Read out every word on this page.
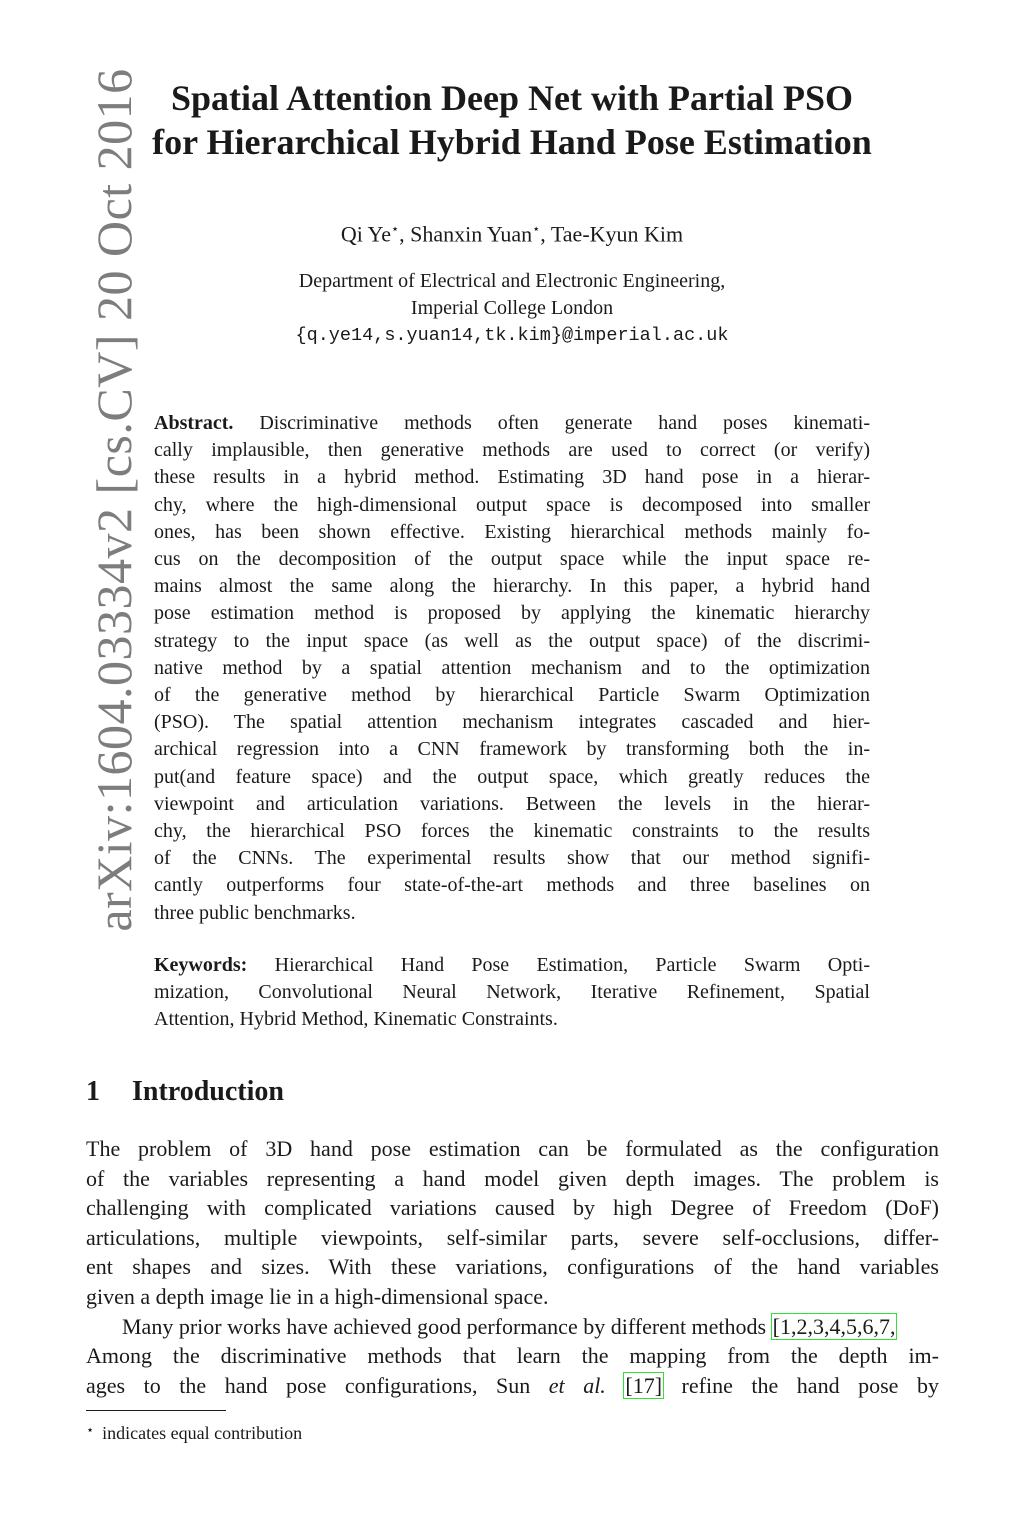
arXiv:1604.03334v2 [cs.CV] 20 Oct 2016 Spatial Attention Deep Net with Partial PSO
for Hierarchical Hybrid Hand Pose Estimation
Qi Ye⋆, Shanxin Yuan⋆, Tae-Kyun Kim
Department of Electrical and Electronic Engineering,
Imperial College London
{q.ye14,s.yuan14,tk.kim}@imperial.ac.uk
Abstract. Discriminative methods often generate hand poses kinemati-
cally implausible, then generative methods are used to correct (or verify)
these results in a hybrid method. Estimating 3D hand pose in a hierar-
chy, where the high-dimensional output space is decomposed into smaller
ones, has been shown effective. Existing hierarchical methods mainly fo-
cus on the decomposition of the output space while the input space re-
mains almost the same along the hierarchy. In this paper, a hybrid hand
pose estimation method is proposed by applying the kinematic hierarchy
strategy to the input space (as well as the output space) of the discrimi-
native method by a spatial attention mechanism and to the optimization
of the generative method by hierarchical Particle Swarm Optimization
(PSO). The spatial attention mechanism integrates cascaded and hier-
archical regression into a CNN framework by transforming both the in-
put(and feature space) and the output space, which greatly reduces the
viewpoint and articulation variations. Between the levels in the hierar-
chy, the hierarchical PSO forces the kinematic constraints to the results
of the CNNs. The experimental results show that our method signifi-
cantly outperforms four state-of-the-art methods and three baselines on
three public benchmarks.
Keywords: Hierarchical Hand Pose Estimation, Particle Swarm Opti-
mization, Convolutional Neural Network, Iterative Refinement, Spatial
Attention, Hybrid Method, Kinematic Constraints.
1 Introduction
The problem of 3D hand pose estimation can be formulated as the configuration
of the variables representing a hand model given depth images. The problem is
challenging with complicated variations caused by high Degree of Freedom (DoF)
articulations, multiple viewpoints, self-similar parts, severe self-occlusions, differ-
ent shapes and sizes. With these variations, configurations of the hand variables
given a depth image lie in a high-dimensional space.
Many prior works have achieved good performance by different methods [1,2,3,4,5,6,7,
Among the discriminative methods that learn the mapping from the depth im-
ages to the hand pose configurations, Sun et al. [17] refine the hand pose by
⋆ indicates equal contribution
